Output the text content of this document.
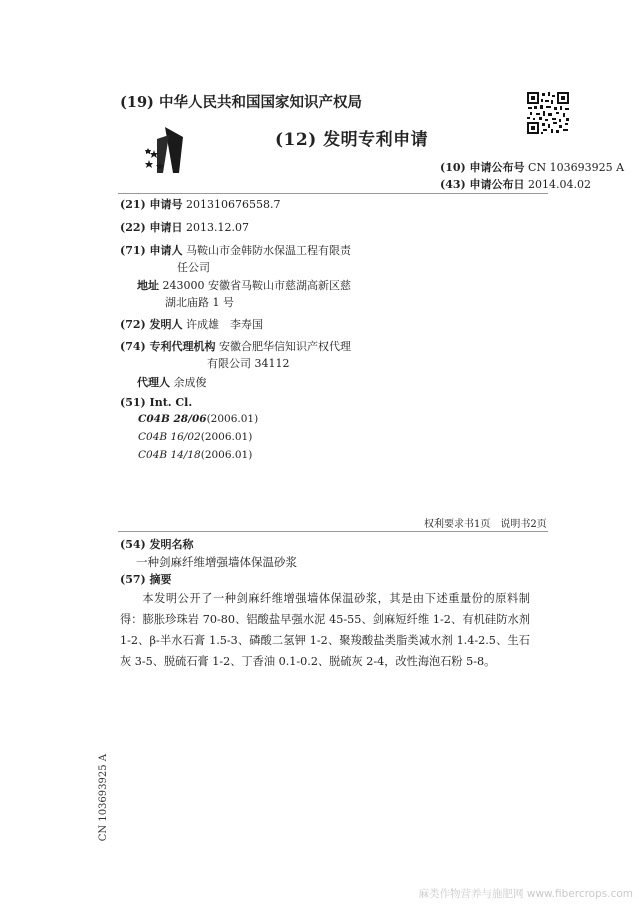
(19) 中华人民共和国国家知识产权局
(12) 发明专利申请
(10) 申请公布号 CN 103693925 A
(43) 申请公布日 2014.04.02
(21) 申请号 201310676558.7
(22) 申请日 2013.12.07
(71) 申请人 马鞍山市金韩防水保温工程有限责
任公司
地址 243000 安徽省马鞍山市慈湖高新区慈
湖北庙路 1 号
(72) 发明人 许成雄　李寿国
(74) 专利代理机构 安徽合肥华信知识产权代理
有限公司 34112
代理人 余成俊
(51) Int. Cl.
C04B 28/06(2006.01)
C04B 16/02(2006.01)
C04B 14/18(2006.01)
权利要求书1页　说明书2页
(54) 发明名称
一种剑麻纤维增强墙体保温砂浆
(57) 摘要

本发明公开了一种剑麻纤维增强墙体保温砂浆，其是由下述重量份的原料制得：膨胀珍珠岩 70-80、铝酸盐早强水泥 45-55、剑麻短纤维 1-2、有机硅防水剂 1-2、β-半水石膏 1.5-3、磷酸二氢钾 1-2、聚羧酸盐类脂类减水剂 1.4-2.5、生石灰 3-5、脱硫石膏 1-2、丁香油 0.1-0.2、脱硫灰 2-4，改性海泡石粉 5-8。

CN 103693925 A
麻类作物营养与施肥网 www.fibercrops.com
